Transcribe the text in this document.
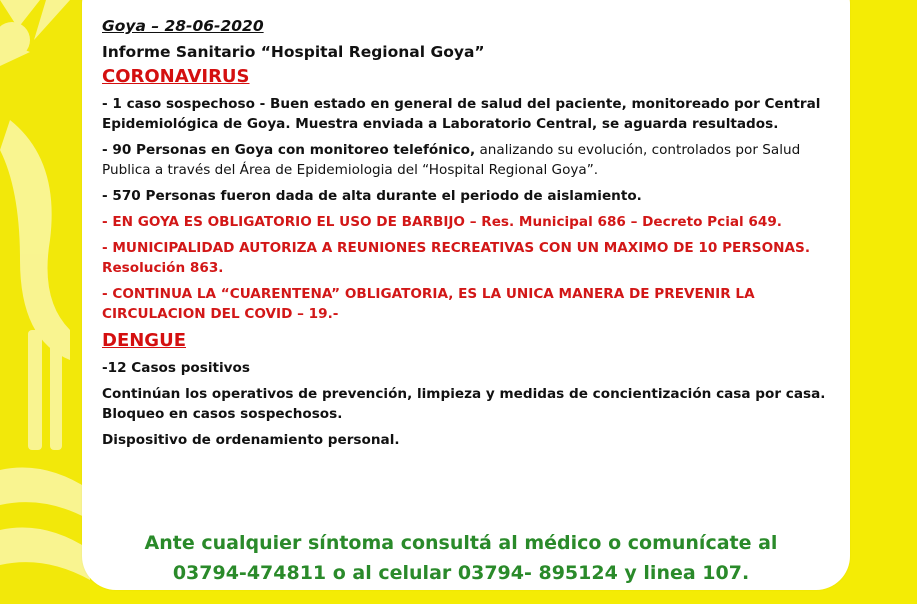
Goya – 28-06-2020
Informe Sanitario “Hospital Regional Goya”
CORONAVIRUS
- 1 caso sospechoso - Buen estado en general de salud del paciente, monitoreado por Central Epidemiológica de Goya. Muestra enviada a Laboratorio Central, se aguarda resultados.
- 90 Personas en Goya con monitoreo telefónico, analizando su evolución, controlados por Salud Publica a través del Área de Epidemiologia del “Hospital Regional Goya”.
- 570 Personas fueron dada de alta durante el periodo de aislamiento.
- EN GOYA ES OBLIGATORIO EL USO DE BARBIJO – Res. Municipal 686 – Decreto Pcial 649.
- MUNICIPALIDAD AUTORIZA A REUNIONES RECREATIVAS CON UN MAXIMO DE 10 PERSONAS. Resolución 863.
- CONTINUA LA “CUARENTENA” OBLIGATORIA, ES LA UNICA MANERA DE PREVENIR LA CIRCULACION DEL COVID – 19.-
DENGUE
-12 Casos positivos
Continúan los operativos de prevención, limpieza y medidas de concientización casa por casa. Bloqueo en casos sospechosos.
Dispositivo de ordenamiento personal.
Ante cualquier síntoma consultá al médico o comunícate al
03794-474811 o al celular 03794- 895124 y linea 107.
